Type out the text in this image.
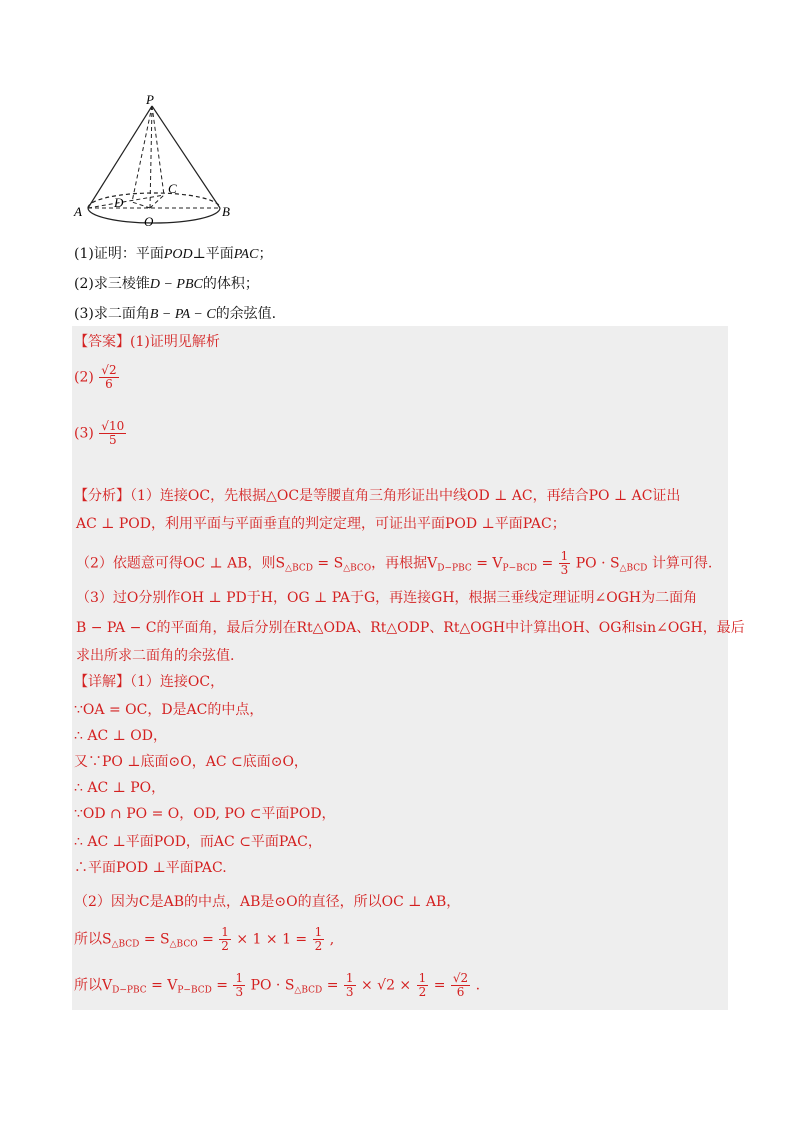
P
C
D
A
O
B
(1)证明：平面POD⊥平面PAC；
(2)求三棱锥D − PBC的体积；
(3)求二面角B − PA − C的余弦值.
【答案】(1)证明见解析
$(2) \frac{√2}{6}$
$(3) \frac{√10}{5}$
【分析】（1）连接OC，先根据△OC是等腰直角三角形证出中线OD ⊥ AC，再结合PO ⊥ AC证出
AC ⊥ POD，利用平面与平面垂直的判定定理，可证出平面POD ⊥平面PAC；
（2）依题意可得OC ⊥ AB，则$S_{\triangle BCD} = S_{\triangle BCO}$，再根据$V_{D-PBC} = V_{P-BCD} = \frac{1}{3}$ PO · $S_{\triangle BCD}$ 计算可得.
（3）过O分别作OH ⊥ PD于H，OG ⊥ PA于G，再连接GH，根据三垂线定理证明∠OGH为二面角
B − PA − C的平面角，最后分别在Rt△ODA、Rt△ODP、Rt△OGH中计算出OH、OG和sin∠OGH，最后
求出所求二面角的余弦值.
【详解】（1）连接OC，
∵OA = OC，D是AC的中点，
∴ AC ⊥ OD，
又∵PO ⊥底面⊙O，AC ⊂底面⊙O，
∴ AC ⊥ PO，
∵OD ∩ PO = O，OD, PO ⊂平面POD，
∴ AC ⊥平面POD，而AC ⊂平面PAC，
∴平面POD ⊥平面PAC.
（2）因为C是AB的中点，AB是⊙O的直径，所以OC ⊥ AB，
所以$S_{\triangle BCD} = S_{\triangle BCO} = \frac{1}{2} \times 1 \times 1 = \frac{1}{2}$ ,
所以$V_{D-PBC} = V_{P-BCD} = \frac{1}{3}$ PO · $S_{\triangle BCD} = \frac{1}{3} \times √2 \times \frac{1}{2} = \frac{√2}{6}$ .
